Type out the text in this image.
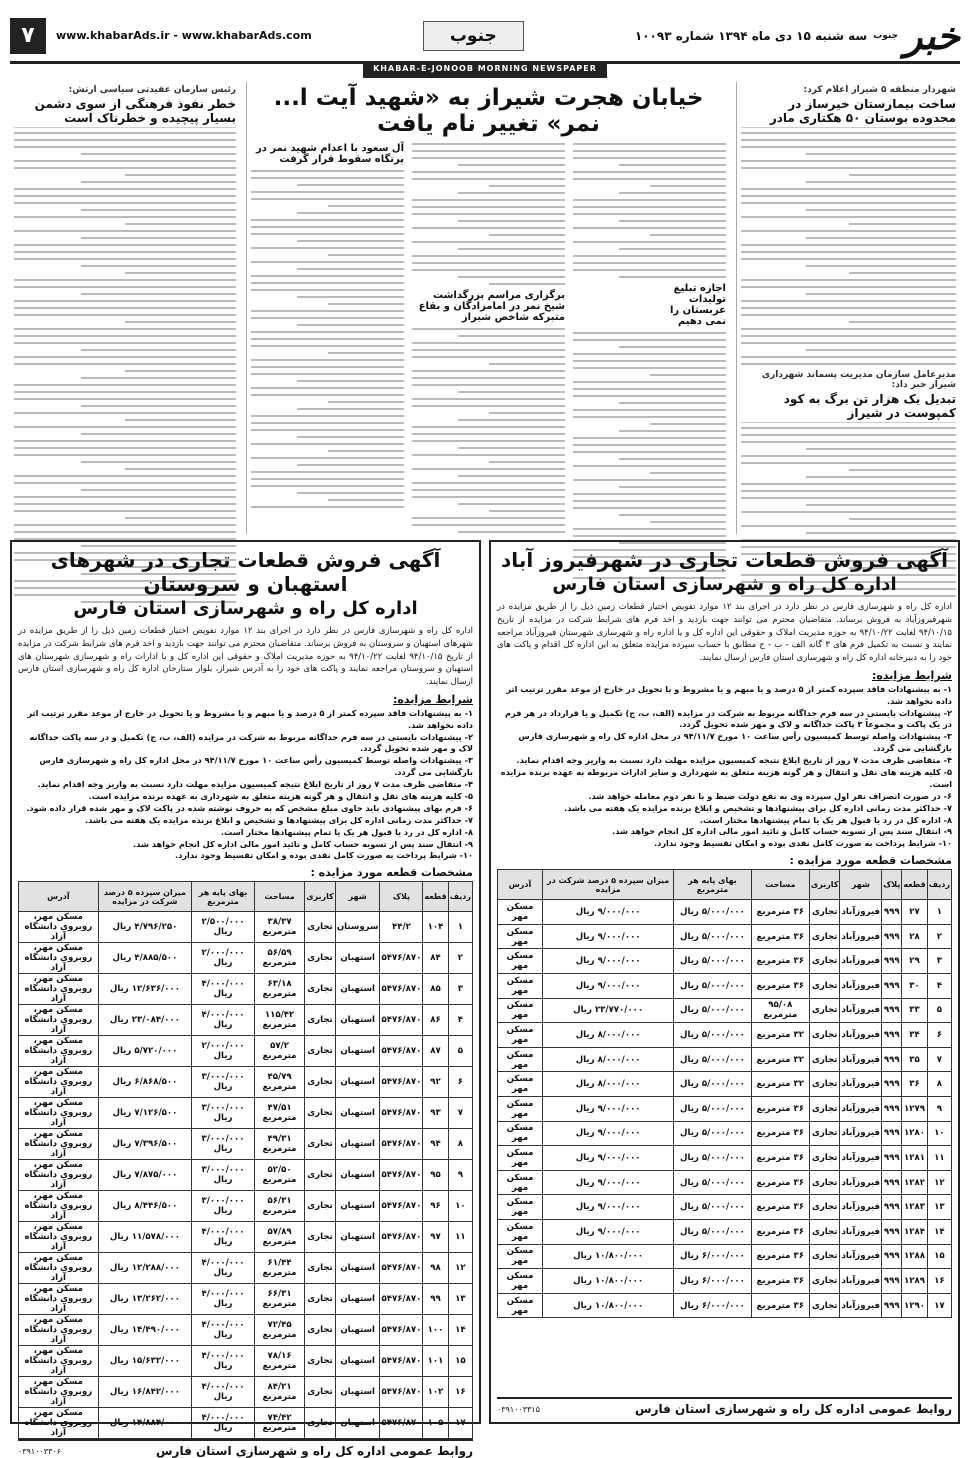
خبر
جنوب
سه شنبه ۱۵ دی ماه ۱۳۹۴ شماره ۱۰۰۹۳
جنوب
www.khabarAds.ir - www.khabarAds.com
۷
KHABAR-E-JONOOB MORNING NEWSPAPER
شهردار منطقه ۵ شیراز اعلام کرد:
ساخت بیمارستان خیرساز در محدوده بوستان ۵۰ هکتاری مادر
مدیرعامل سازمان مدیریت پسماند شهرداری شیراز خبر داد:
تبدیل یک هزار تن برگ به کود کمپوست در شیراز
خیابان هجرت شیراز به «شهید آیت ا... نمر» تغییر نام یافت
اجازه تبلیغ تولیدات عربستان را نمی دهیم
برگزاری مراسم بزرگداشت شیخ نمر در امامزادگان و بقاع متبرکه شاخص شیراز
آل سعود با اعدام شهید نمر در پرتگاه سقوط قرار گرفت
رئیس سازمان عقیدتی سیاسی ارتش:
خطر نفوذ فرهنگی از سوی دشمن بسیار پیچیده و خطرناک است
آگهی فروش قطعات تجاری در شهرفیروز آباد
اداره کل راه و شهرسازی استان فارس
اداره کل راه و شهرسازی فارس در نظر دارد در اجرای بند ۱۲ موارد تفویض اختیار قطعات زمین ذیل را از طریق مزایده در شهرفیروزآباد به فروش برساند. متقاضیان محترم می توانند جهت بازدید و اخذ فرم های شرایط شرکت در مزایده از تاریخ ۹۴/۱۰/۱۵ لغایت ۹۴/۱۰/۲۲ به حوزه مدیریت املاک و حقوقی این اداره کل و یا اداره راه و شهرسازی شهرستان فیروزآباد مراجعه نمایند و نسبت به تکمیل فرم های ۳ گانه الف - ب - ج مطابق با حساب سپرده مزایده متعلق به این اداره کل اقدام و پاکت های خود را به دبیرخانه اداره کل راه و شهرسازی استان فارس ارسال نمایند.
شرایط مزایده:
۱- به پیشنهادات فاقد سپرده کمتر از ۵ درصد و یا مبهم و یا مشروط و یا تحویل در خارج از موعد مقرر ترتیب اثر داده نخواهد شد.
۲- پیشنهادات بایستی در سه فرم جداگانه مربوط به شرکت در مزایده (الف، ب، ج) تکمیل و یا قرارداد در هر فرم در یک پاکت و مجموعاً ۳ پاکت جداگانه و لاک و مهر شده تحویل گردد.
۳- پیشنهادات واصله توسط کمیسیون رأس ساعت ۱۰ مورخ ۹۴/۱۱/۷ در محل اداره کل راه و شهرسازی فارس بازگشایی می گردد.
۴- متقاضی ظرف مدت ۷ روز از تاریخ ابلاغ نتیجه کمیسیون مزایده مهلت دارد نسبت به واریز وجه اقدام نماید.
۵- کلیه هزینه های نقل و انتقال و هر گونه هزینه متعلق به شهرداری و سایر ادارات مربوطه به عهده برنده مزایده است.
۶- در صورت انصراف نفر اول سپرده وی به نفع دولت ضبط و با نفر دوم معامله خواهد شد.
۷- حداکثر مدت زمانی اداره کل برای پیشنهادها و تشخیص و ابلاغ برنده مزایده یک هفته می باشد.
۸- اداره کل در رد یا قبول هر یک یا تمام پیشنهادها مختار است.
۹- انتقال سند پس از تسویه حساب کامل و تائید امور مالی اداره کل انجام خواهد شد.
۱۰- شرایط پرداخت به صورت کامل نقدی بوده و امکان تقسیط وجود ندارد.
مشخصات قطعه مورد مزایده :
ردیف	قطعه	پلاک	شهر	کاربری	مساحت	بهای پایه هر مترمربع	میزان سپرده ۵ درصد شرکت در مزایده	آدرس
۱	۲۷	۹۹۹	فیروزآباد	تجاری	۳۶ مترمربع	۵/۰۰۰/۰۰۰ ریال	۹/۰۰۰/۰۰۰ ریال	مسکن مهر
۲	۲۸	۹۹۹	فیروزآباد	تجاری	۳۶ مترمربع	۵/۰۰۰/۰۰۰ ریال	۹/۰۰۰/۰۰۰ ریال	مسکن مهر
۳	۲۹	۹۹۹	فیروزآباد	تجاری	۳۶ مترمربع	۵/۰۰۰/۰۰۰ ریال	۹/۰۰۰/۰۰۰ ریال	مسکن مهر
۴	۳۰	۹۹۹	فیروزآباد	تجاری	۳۶ مترمربع	۵/۰۰۰/۰۰۰ ریال	۹/۰۰۰/۰۰۰ ریال	مسکن مهر
۵	۳۳	۹۹۹	فیروزآباد	تجاری	۹۵/۰۸ مترمربع	۵/۰۰۰/۰۰۰ ریال	۲۳/۷۷۰/۰۰۰ ریال	مسکن مهر
۶	۳۴	۹۹۹	فیروزآباد	تجاری	۳۲ مترمربع	۵/۰۰۰/۰۰۰ ریال	۸/۰۰۰/۰۰۰ ریال	مسکن مهر
۷	۳۵	۹۹۹	فیروزآباد	تجاری	۳۲ مترمربع	۵/۰۰۰/۰۰۰ ریال	۸/۰۰۰/۰۰۰ ریال	مسکن مهر
۸	۳۶	۹۹۹	فیروزآباد	تجاری	۳۲ مترمربع	۵/۰۰۰/۰۰۰ ریال	۸/۰۰۰/۰۰۰ ریال	مسکن مهر
۹	۱۲۷۹	۹۹۹	فیروزآباد	تجاری	۳۶ مترمربع	۵/۰۰۰/۰۰۰ ریال	۹/۰۰۰/۰۰۰ ریال	مسکن مهر
۱۰	۱۲۸۰	۹۹۹	فیروزآباد	تجاری	۳۶ مترمربع	۵/۰۰۰/۰۰۰ ریال	۹/۰۰۰/۰۰۰ ریال	مسکن مهر
۱۱	۱۲۸۱	۹۹۹	فیروزآباد	تجاری	۳۶ مترمربع	۵/۰۰۰/۰۰۰ ریال	۹/۰۰۰/۰۰۰ ریال	مسکن مهر
۱۲	۱۲۸۲	۹۹۹	فیروزآباد	تجاری	۳۶ مترمربع	۵/۰۰۰/۰۰۰ ریال	۹/۰۰۰/۰۰۰ ریال	مسکن مهر
۱۳	۱۲۸۳	۹۹۹	فیروزآباد	تجاری	۳۶ مترمربع	۵/۰۰۰/۰۰۰ ریال	۹/۰۰۰/۰۰۰ ریال	مسکن مهر
۱۴	۱۲۸۴	۹۹۹	فیروزآباد	تجاری	۳۶ مترمربع	۵/۰۰۰/۰۰۰ ریال	۹/۰۰۰/۰۰۰ ریال	مسکن مهر
۱۵	۱۲۸۸	۹۹۹	فیروزآباد	تجاری	۳۶ مترمربع	۶/۰۰۰/۰۰۰ ریال	۱۰/۸۰۰/۰۰۰ ریال	مسکن مهر
۱۶	۱۲۸۹	۹۹۹	فیروزآباد	تجاری	۳۶ مترمربع	۶/۰۰۰/۰۰۰ ریال	۱۰/۸۰۰/۰۰۰ ریال	مسکن مهر
۱۷	۱۲۹۰	۹۹۹	فیروزآباد	تجاری	۳۶ مترمربع	۶/۰۰۰/۰۰۰ ریال	۱۰/۸۰۰/۰۰۰ ریال	مسکن مهر
روابط عمومی اداره کل راه و شهرسازی استان فارس
۰۳۹۱۰۰۳۳۱۵
آگهی فروش قطعات تجاری در شهرهای استهبان و سروستان
اداره کل راه و شهرسازی استان فارس
اداره کل راه و شهرسازی فارس در نظر دارد در اجرای بند ۱۲ موارد تفویض اختیار قطعات زمین ذیل را از طریق مزایده در شهرهای استهبان و سروستان به فروش برساند. متقاضیان محترم می توانند جهت بازدید و اخذ فرم های شرایط شرکت در مزایده از تاریخ ۹۴/۱۰/۱۵ لغایت ۹۴/۱۰/۲۲ به حوزه مدیریت املاک و حقوقی این اداره کل و یا ادارات راه و شهرسازی شهرستان های استهبان و سروستان مراجعه نمایند و پاکت های خود را به آدرس شیراز، بلوار ستارخان اداره کل راه و شهرسازی استان فارس ارسال نمایند.
شرایط مزایده:
۱- به پیشنهادات فاقد سپرده کمتر از ۵ درصد و یا مبهم و یا مشروط و یا تحویل در خارج از موعد مقرر ترتیب اثر داده نخواهد شد.
۲- پیشنهادات بایستی در سه فرم جداگانه مربوط به شرکت در مزایده (الف، ب، ج) تکمیل و در سه پاکت جداگانه لاک و مهر شده تحویل گردد.
۳- پیشنهادات واصله توسط کمیسیون رأس ساعت ۱۰ مورخ ۹۴/۱۱/۷ در محل اداره کل راه و شهرسازی فارس بازگشایی می گردد.
۴- متقاضی ظرف مدت ۷ روز از تاریخ ابلاغ نتیجه کمیسیون مزایده مهلت دارد نسبت به واریز وجه اقدام نماید.
۵- کلیه هزینه های نقل و انتقال و هر گونه هزینه متعلق به شهرداری به عهده برنده مزایده است.
۶- فرم بهای پیشنهادی باید حاوی مبلغ مشخص که به حروف نوشته شده در پاکت لاک و مهر شده قرار داده شود.
۷- حداکثر مدت زمانی اداره کل برای پیشنهادها و تشخیص و ابلاغ برنده مزایده یک هفته می باشد.
۸- اداره کل در رد یا قبول هر یک یا تمام پیشنهادها مختار است.
۹- انتقال سند پس از تسویه حساب کامل و تائید امور مالی اداره کل انجام خواهد شد.
۱۰- شرایط پرداخت به صورت کامل نقدی بوده و امکان تقسیط وجود ندارد.
مشخصات قطعه مورد مزایده :
ردیف	قطعه	پلاک	شهر	کاربری	مساحت	بهای پایه هر مترمربع	میزان سپرده ۵ درصد شرکت در مزایده	آدرس
۱	۱۰۴	۴۴/۲	سروستان	تجاری	۳۸/۳۷ مترمربع	۲/۵۰۰/۰۰۰ ریال	۴/۷۹۶/۲۵۰ ریال	مسکن مهر، روبروی دانشگاه آزاد
۲	۸۴	۵۴۷۶/۸۷۰	استهبان	تجاری	۵۶/۵۹ مترمربع	۲/۰۰۰/۰۰۰ ریال	۴/۸۸۵/۵۰۰ ریال	مسکن مهر، روبروی دانشگاه آزاد
۳	۸۵	۵۴۷۶/۸۷۰	استهبان	تجاری	۶۳/۱۸ مترمربع	۴/۰۰۰/۰۰۰ ریال	۱۲/۶۳۶/۰۰۰ ریال	مسکن مهر، روبروی دانشگاه آزاد
۴	۸۶	۵۴۷۶/۸۷۰	استهبان	تجاری	۱۱۵/۴۲ مترمربع	۴/۰۰۰/۰۰۰ ریال	۲۳/۰۸۴/۰۰۰ ریال	مسکن مهر، روبروی دانشگاه آزاد
۵	۸۷	۵۴۷۶/۸۷۰	استهبان	تجاری	۵۷/۲ مترمربع	۲/۰۰۰/۰۰۰ ریال	۵/۷۲۰/۰۰۰ ریال	مسکن مهر، روبروی دانشگاه آزاد
۶	۹۲	۵۴۷۶/۸۷۰	استهبان	تجاری	۴۵/۷۹ مترمربع	۳/۰۰۰/۰۰۰ ریال	۶/۸۶۸/۵۰۰ ریال	مسکن مهر، روبروی دانشگاه آزاد
۷	۹۳	۵۴۷۶/۸۷۰	استهبان	تجاری	۴۷/۵۱ مترمربع	۳/۰۰۰/۰۰۰ ریال	۷/۱۲۶/۵۰۰ ریال	مسکن مهر، روبروی دانشگاه آزاد
۸	۹۴	۵۴۷۶/۸۷۰	استهبان	تجاری	۴۹/۳۱ مترمربع	۳/۰۰۰/۰۰۰ ریال	۷/۳۹۶/۵۰۰ ریال	مسکن مهر، روبروی دانشگاه آزاد
۹	۹۵	۵۴۷۶/۸۷۰	استهبان	تجاری	۵۲/۵۰ مترمربع	۳/۰۰۰/۰۰۰ ریال	۷/۸۷۵/۰۰۰ ریال	مسکن مهر، روبروی دانشگاه آزاد
۱۰	۹۶	۵۴۷۶/۸۷۰	استهبان	تجاری	۵۶/۳۱ مترمربع	۳/۰۰۰/۰۰۰ ریال	۸/۴۴۶/۵۰۰ ریال	مسکن مهر، روبروی دانشگاه آزاد
۱۱	۹۷	۵۴۷۶/۸۷۰	استهبان	تجاری	۵۷/۸۹ مترمربع	۴/۰۰۰/۰۰۰ ریال	۱۱/۵۷۸/۰۰۰ ریال	مسکن مهر، روبروی دانشگاه آزاد
۱۲	۹۸	۵۴۷۶/۸۷۰	استهبان	تجاری	۶۱/۴۴ مترمربع	۴/۰۰۰/۰۰۰ ریال	۱۲/۲۸۸/۰۰۰ ریال	مسکن مهر، روبروی دانشگاه آزاد
۱۳	۹۹	۵۴۷۶/۸۷۰	استهبان	تجاری	۶۶/۳۱ مترمربع	۴/۰۰۰/۰۰۰ ریال	۱۳/۲۶۲/۰۰۰ ریال	مسکن مهر، روبروی دانشگاه آزاد
۱۴	۱۰۰	۵۴۷۶/۸۷۰	استهبان	تجاری	۷۲/۴۵ مترمربع	۴/۰۰۰/۰۰۰ ریال	۱۴/۴۹۰/۰۰۰ ریال	مسکن مهر، روبروی دانشگاه آزاد
۱۵	۱۰۱	۵۴۷۶/۸۷۰	استهبان	تجاری	۷۸/۱۶ مترمربع	۴/۰۰۰/۰۰۰ ریال	۱۵/۶۳۲/۰۰۰ ریال	مسکن مهر، روبروی دانشگاه آزاد
۱۶	۱۰۲	۵۴۷۶/۸۷۰	استهبان	تجاری	۸۴/۲۱ مترمربع	۴/۰۰۰/۰۰۰ ریال	۱۶/۸۴۲/۰۰۰ ریال	مسکن مهر، روبروی دانشگاه آزاد
۱۷	۱۰۵	۵۴۷۶/۸۷۰	استهبان	تجاری	۷۴/۴۲ مترمربع	۴/۰۰۰/۰۰۰ ریال	۱۴/۸۸۴/۰۰۰ ریال	مسکن مهر، روبروی دانشگاه آزاد
روابط عمومی اداره کل راه و شهرسازی استان فارس
۰۳۹۱۰۰۳۳۰۶
